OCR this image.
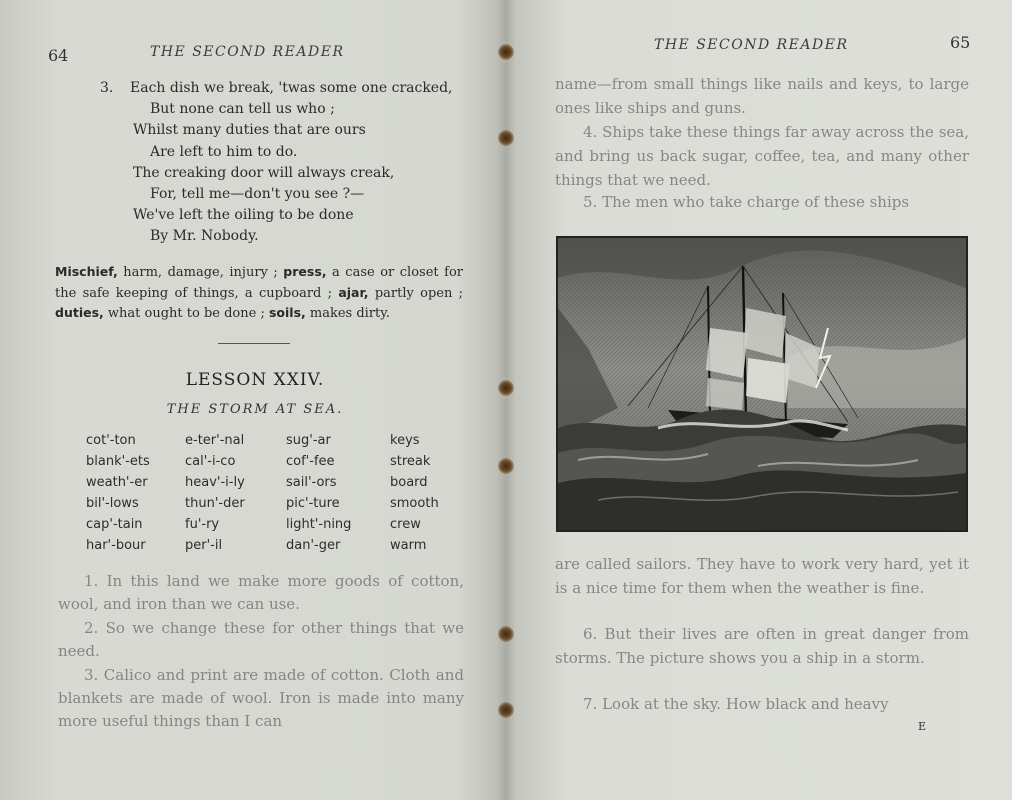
64	THE SECOND READER
3. Each dish we break, 'twas some one cracked,
But none can tell us who ;
Whilst many duties that are ours
Are left to him to do.
The creaking door will always creak,
For, tell me—don't you see ?—
We've left the oiling to be done
By Mr. Nobody.
Mischief, harm, damage, injury ; press, a case or closet for the safe keeping of things, a cupboard ; ajar, partly open ; duties, what ought to be done ; soils, makes dirty.
LESSON XXIV.
THE STORM AT SEA.
cot'-ton
blank'-ets
weath'-er
bil'-lows
cap'-tain
har'-bour
e-ter'-nal
cal'-i-co
heav'-i-ly
thun'-der
fu'-ry
per'-il
sug'-ar
cof'-fee
sail'-ors
pic'-ture
light'-ning
dan'-ger
keys
streak
board
smooth
crew
warm
1. In this land we make more goods of cotton, wool, and iron than we can use.
2. So we change these for other things that we need.
3. Calico and print are made of cotton. Cloth and blankets are made of wool. Iron is made into many more useful things than I can
65
THE SECOND READER
name—from small things like nails and keys, to large ones like ships and guns.
4. Ships take these things far away across the sea, and bring us back sugar, coffee, tea, and many other things that we need.
5. The men who take charge of these ships
are called sailors. They have to work very hard, yet it is a nice time for them when the weather is fine.
6. But their lives are often in great danger from storms. The picture shows you a ship in a storm.
7. Look at the sky. How black and heavy
E
